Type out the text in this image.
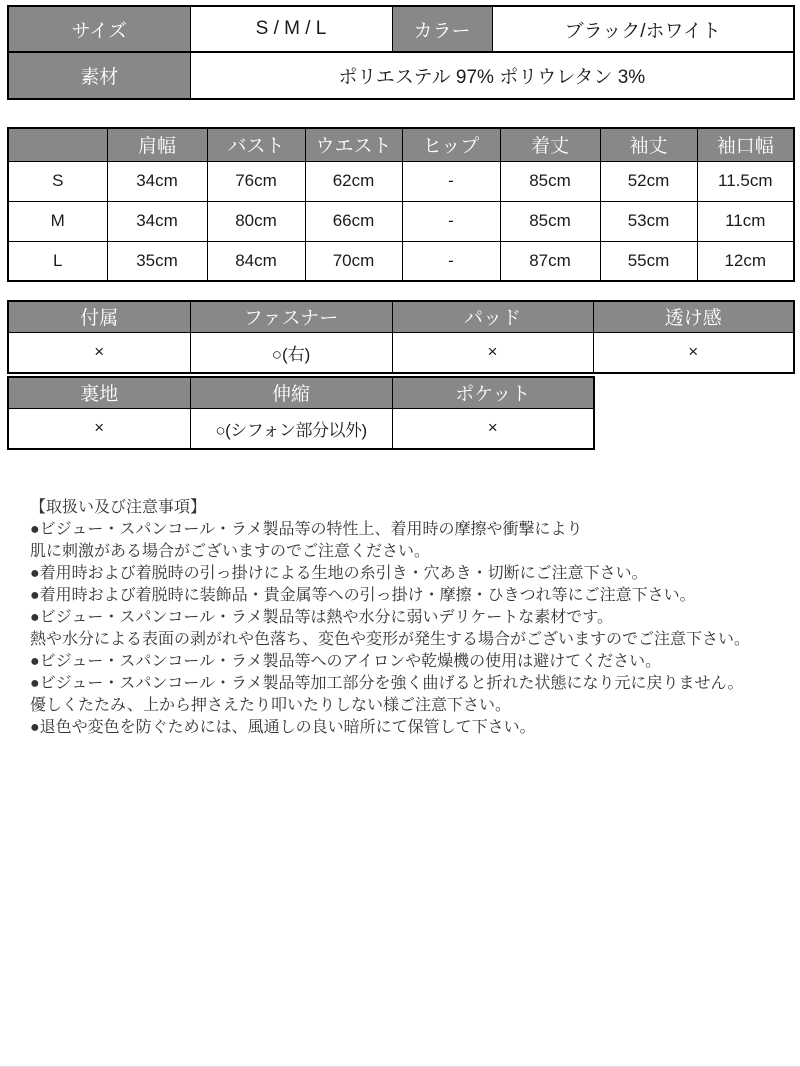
サイズ	S / M / L	カラー	ブラック/ホワイト
素材	ポリエステル 97% ポリウレタン 3%		
	肩幅	バスト	ウエスト	ヒップ	着丈	袖丈	袖口幅
S	34cm	76cm	62cm	-	85cm	52cm	11.5cm
M	34cm	80cm	66cm	-	85cm	53cm	11cm
L	35cm	84cm	70cm	-	87cm	55cm	12cm
付属	ファスナー	パッド	透け感
×	○(右)	×	×
裏地	伸縮	ポケット
×	○(シフォン部分以外)	×
【取扱い及び注意事項】
●ビジュー・スパンコール・ラメ製品等の特性上、着用時の摩擦や衝撃により
肌に刺激がある場合がございますのでご注意ください。
●着用時および着脱時の引っ掛けによる生地の糸引き・穴あき・切断にご注意下さい。
●着用時および着脱時に装飾品・貴金属等への引っ掛け・摩擦・ひきつれ等にご注意下さい。
●ビジュー・スパンコール・ラメ製品等は熱や水分に弱いデリケートな素材です。
熱や水分による表面の剥がれや色落ち、変色や変形が発生する場合がございますのでご注意下さい。
●ビジュー・スパンコール・ラメ製品等へのアイロンや乾燥機の使用は避けてください。
●ビジュー・スパンコール・ラメ製品等加工部分を強く曲げると折れた状態になり元に戻りません。
優しくたたみ、上から押さえたり叩いたりしない様ご注意下さい。
●退色や変色を防ぐためには、風通しの良い暗所にて保管して下さい。
